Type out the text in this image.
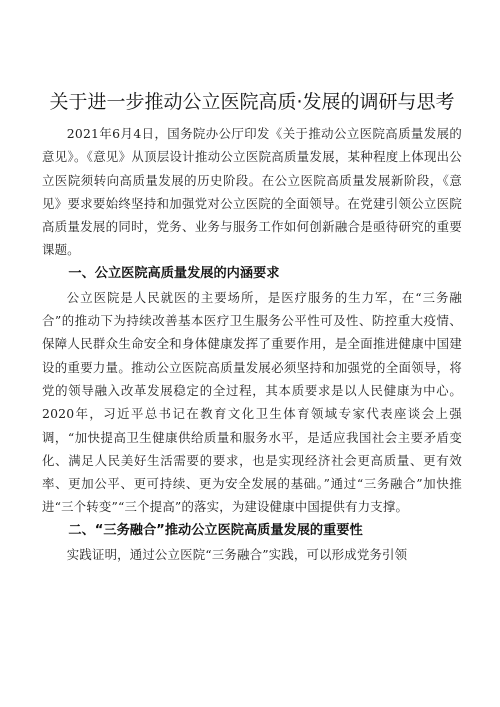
关于进一步推动公立医院高质·发展的调研与思考

2021年6月4日，国务院办公厅印发《关于推动公立医院高质量发展的意见》。《意见》从顶层设计推动公立医院高质量发展，某种程度上体现出公立医院须转向高质量发展的历史阶段。在公立医院高质量发展新阶段，《意见》要求要始终坚持和加强党对公立医院的全面领导。在党建引领公立医院高质量发展的同时，党务、业务与服务工作如何创新融合是亟待研究的重要课题。

一、公立医院高质量发展的内涵要求

公立医院是人民就医的主要场所，是医疗服务的生力军，在“三务融合”的推动下为持续改善基本医疗卫生服务公平性可及性、防控重大疫情、保障人民群众生命安全和身体健康发挥了重要作用，是全面推进健康中国建设的重要力量。推动公立医院高质量发展必须坚持和加强党的全面领导，将党的领导融入改革发展稳定的全过程，其本质要求是以人民健康为中心。2020年，习近平总书记在教育文化卫生体育领域专家代表座谈会上强调，“加快提高卫生健康供给质量和服务水平，是适应我国社会主要矛盾变化、满足人民美好生活需要的要求，也是实现经济社会更高质量、更有效率、更加公平、更可持续、更为安全发展的基础。”通过“三务融合”加快推进“三个转变”“三个提高”的落实，为建设健康中国提供有力支撑。

二、“三务融合”推动公立医院高质量发展的重要性

实践证明，通过公立医院“三务融合”实践，可以形成党务引领
